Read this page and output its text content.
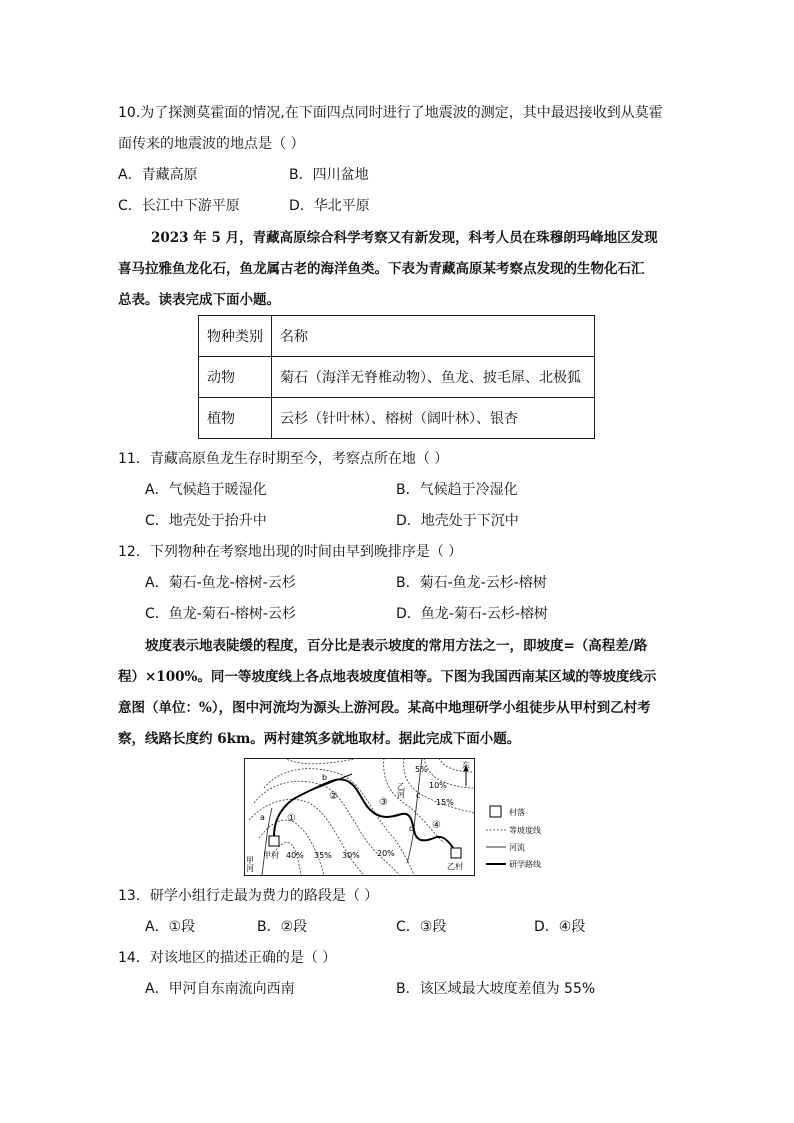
10.为了探测莫霍面的情况,在下面四点同时进行了地震波的测定，其中最迟接收到从莫霍
面传来的地震波的地点是（ ）
A．青藏高原	B．四川盆地
C．长江中下游平原	D．华北平原
2023 年 5 月，青藏高原综合科学考察又有新发现，科考人员在珠穆朗玛峰地区发现
喜马拉雅鱼龙化石，鱼龙属古老的海洋鱼类。下表为青藏高原某考察点发现的生物化石汇
总表。读表完成下面小题。
物种类别	名称
动物	菊石（海洋无脊椎动物）、鱼龙、披毛犀、北极狐
植物	云杉（针叶林）、榕树（阔叶林）、银杏
11．青藏高原鱼龙生存时期至今，考察点所在地（ ）
A．气候趋于暖湿化	B．气候趋于冷湿化
C．地壳处于抬升中	D．地壳处于下沉中
12．下列物种在考察地出现的时间由早到晚排序是（ ）
A．菊石-鱼龙-榕树-云杉	B．菊石-鱼龙-云杉-榕树
C．鱼龙-菊石-榕树-云杉	D．鱼龙-菊石-云杉-榕树
坡度表示地表陡缓的程度，百分比是表示坡度的常用方法之一，即坡度=（高程差/路
程）×100%。同一等坡度线上各点地表坡度值相等。下图为我国西南某区域的等坡度线示
意图（单位：%），图中河流均为源头上游河段。某高中地理研学小组徒步从甲村到乙村考
察，线路长度约 6km。两村建筑多就地取材。据此完成下面小题。
东
5%
10%
15%
40% 35% 30% 20%
a
b
c
d
①
②
③
④
甲河
乙河
甲村
乙村
村落
等坡度线
河流
研学路线
13．研学小组行走最为费力的路段是（ ）
A．①段	B．②段	C．③段	D．④段
14．对该地区的描述正确的是（ ）
A．甲河自东南流向西南	B．该区域最大坡度差值为 55%
